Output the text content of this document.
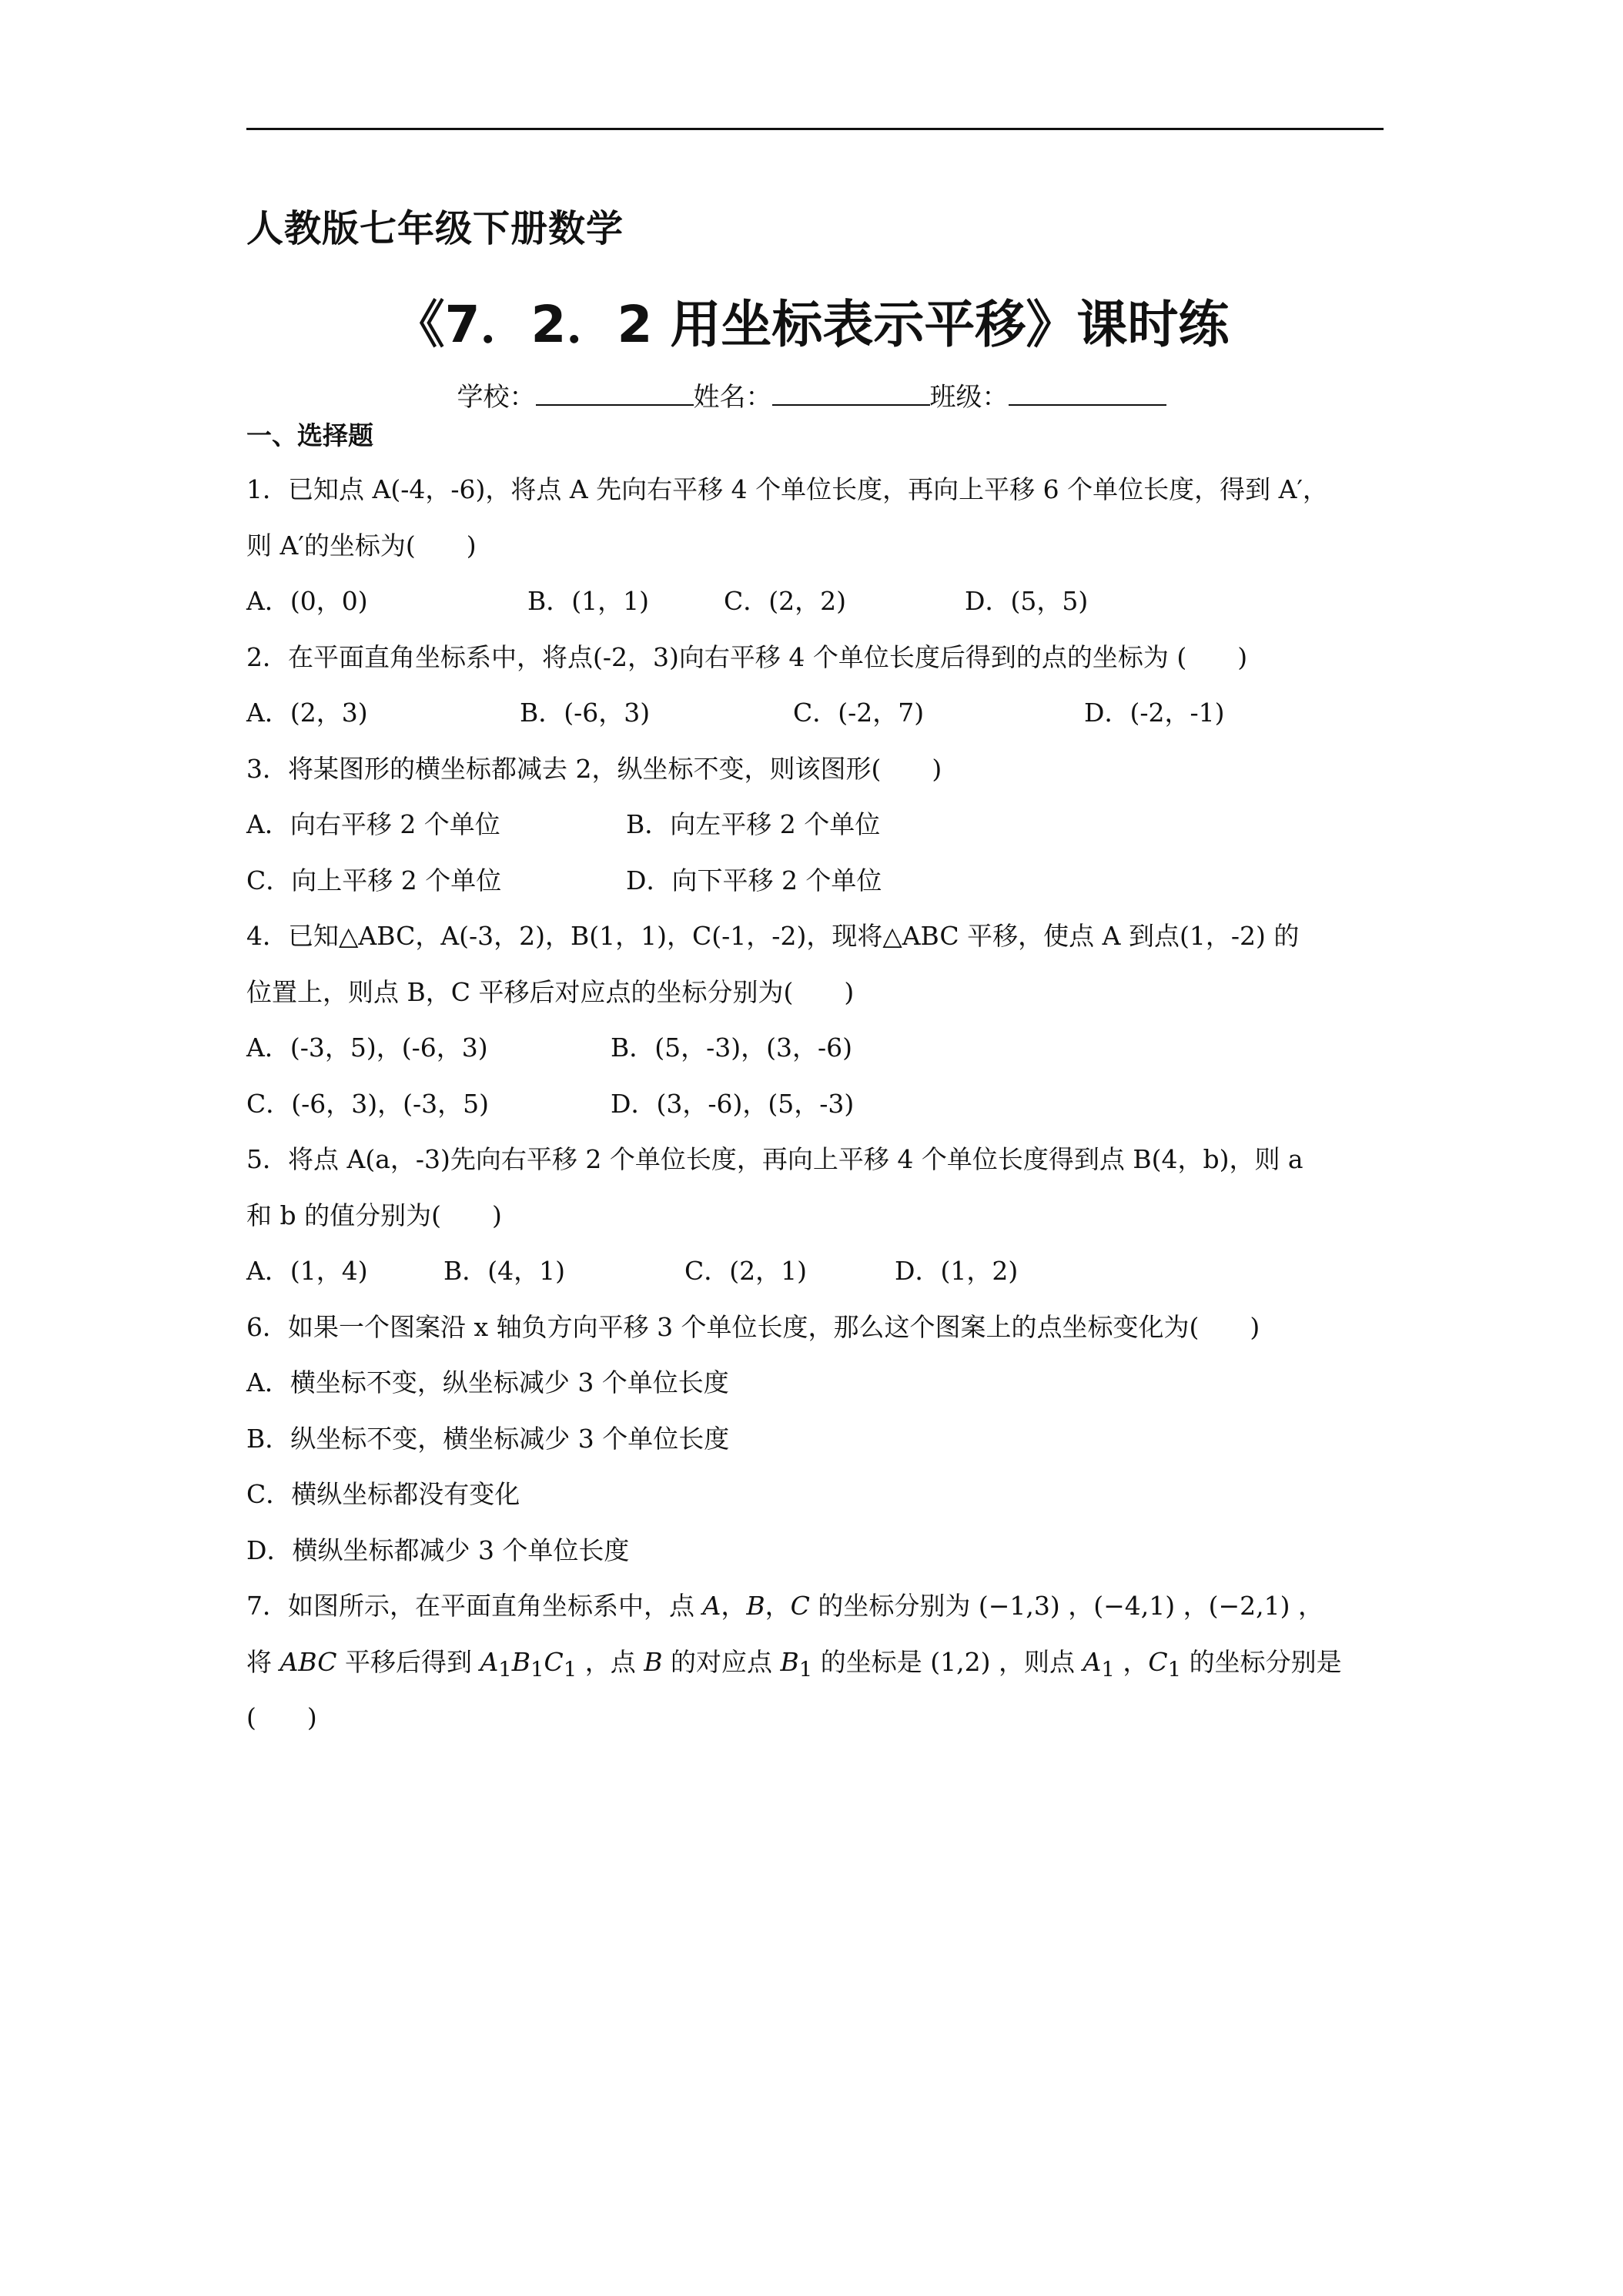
人教版七年级下册数学
《7．2．2 用坐标表示平移》课时练
学校：	姓名：	班级：
一、选择题
1．已知点 A(-4，-6)，将点 A 先向右平移 4 个单位长度，再向上平移 6 个单位长度，得到 A′，
则 A′的坐标为(　　)
A．(0，0)	B．(1，1)	C．(2，2)	D．(5，5)
2．在平面直角坐标系中，将点(-2，3)向右平移 4 个单位长度后得到的点的坐标为 (　　)
A．(2，3)	B．(-6，3)	C．(-2，7)	D．(-2，-1)
3．将某图形的横坐标都减去 2，纵坐标不变，则该图形(　　)
A．向右平移 2 个单位	B．向左平移 2 个单位
C．向上平移 2 个单位	D．向下平移 2 个单位
4．已知△ABC，A(-3，2)，B(1，1)，C(-1，-2)，现将△ABC 平移，使点 A 到点(1，-2) 的
位置上，则点 B，C 平移后对应点的坐标分别为(　　)
A．(-3，5)，(-6，3)	B．(5，-3)，(3，-6)
C．(-6，3)，(-3，5)	D．(3，-6)，(5，-3)
5．将点 A(a，-3)先向右平移 2 个单位长度，再向上平移 4 个单位长度得到点 B(4，b)，则 a
和 b 的值分别为(　　)
A．(1，4)	B．(4，1)	C．(2，1)	D．(1，2)
6．如果一个图案沿 x 轴负方向平移 3 个单位长度，那么这个图案上的点坐标变化为(　　)
A．横坐标不变，纵坐标减少 3 个单位长度
B．纵坐标不变，横坐标减少 3 个单位长度
C．横纵坐标都没有变化
D．横纵坐标都减少 3 个单位长度
7．如图所示，在平面直角坐标系中，点 A，B，C 的坐标分别为 (−1,3) ，(−4,1) ，(−2,1) ，
将 ABC 平移后得到 $A_1B_1C_1$ ，点 B 的对应点 $B_1$ 的坐标是 (1,2) ，则点 $A_1$ ，$C_1$ 的坐标分别是
(　　)
